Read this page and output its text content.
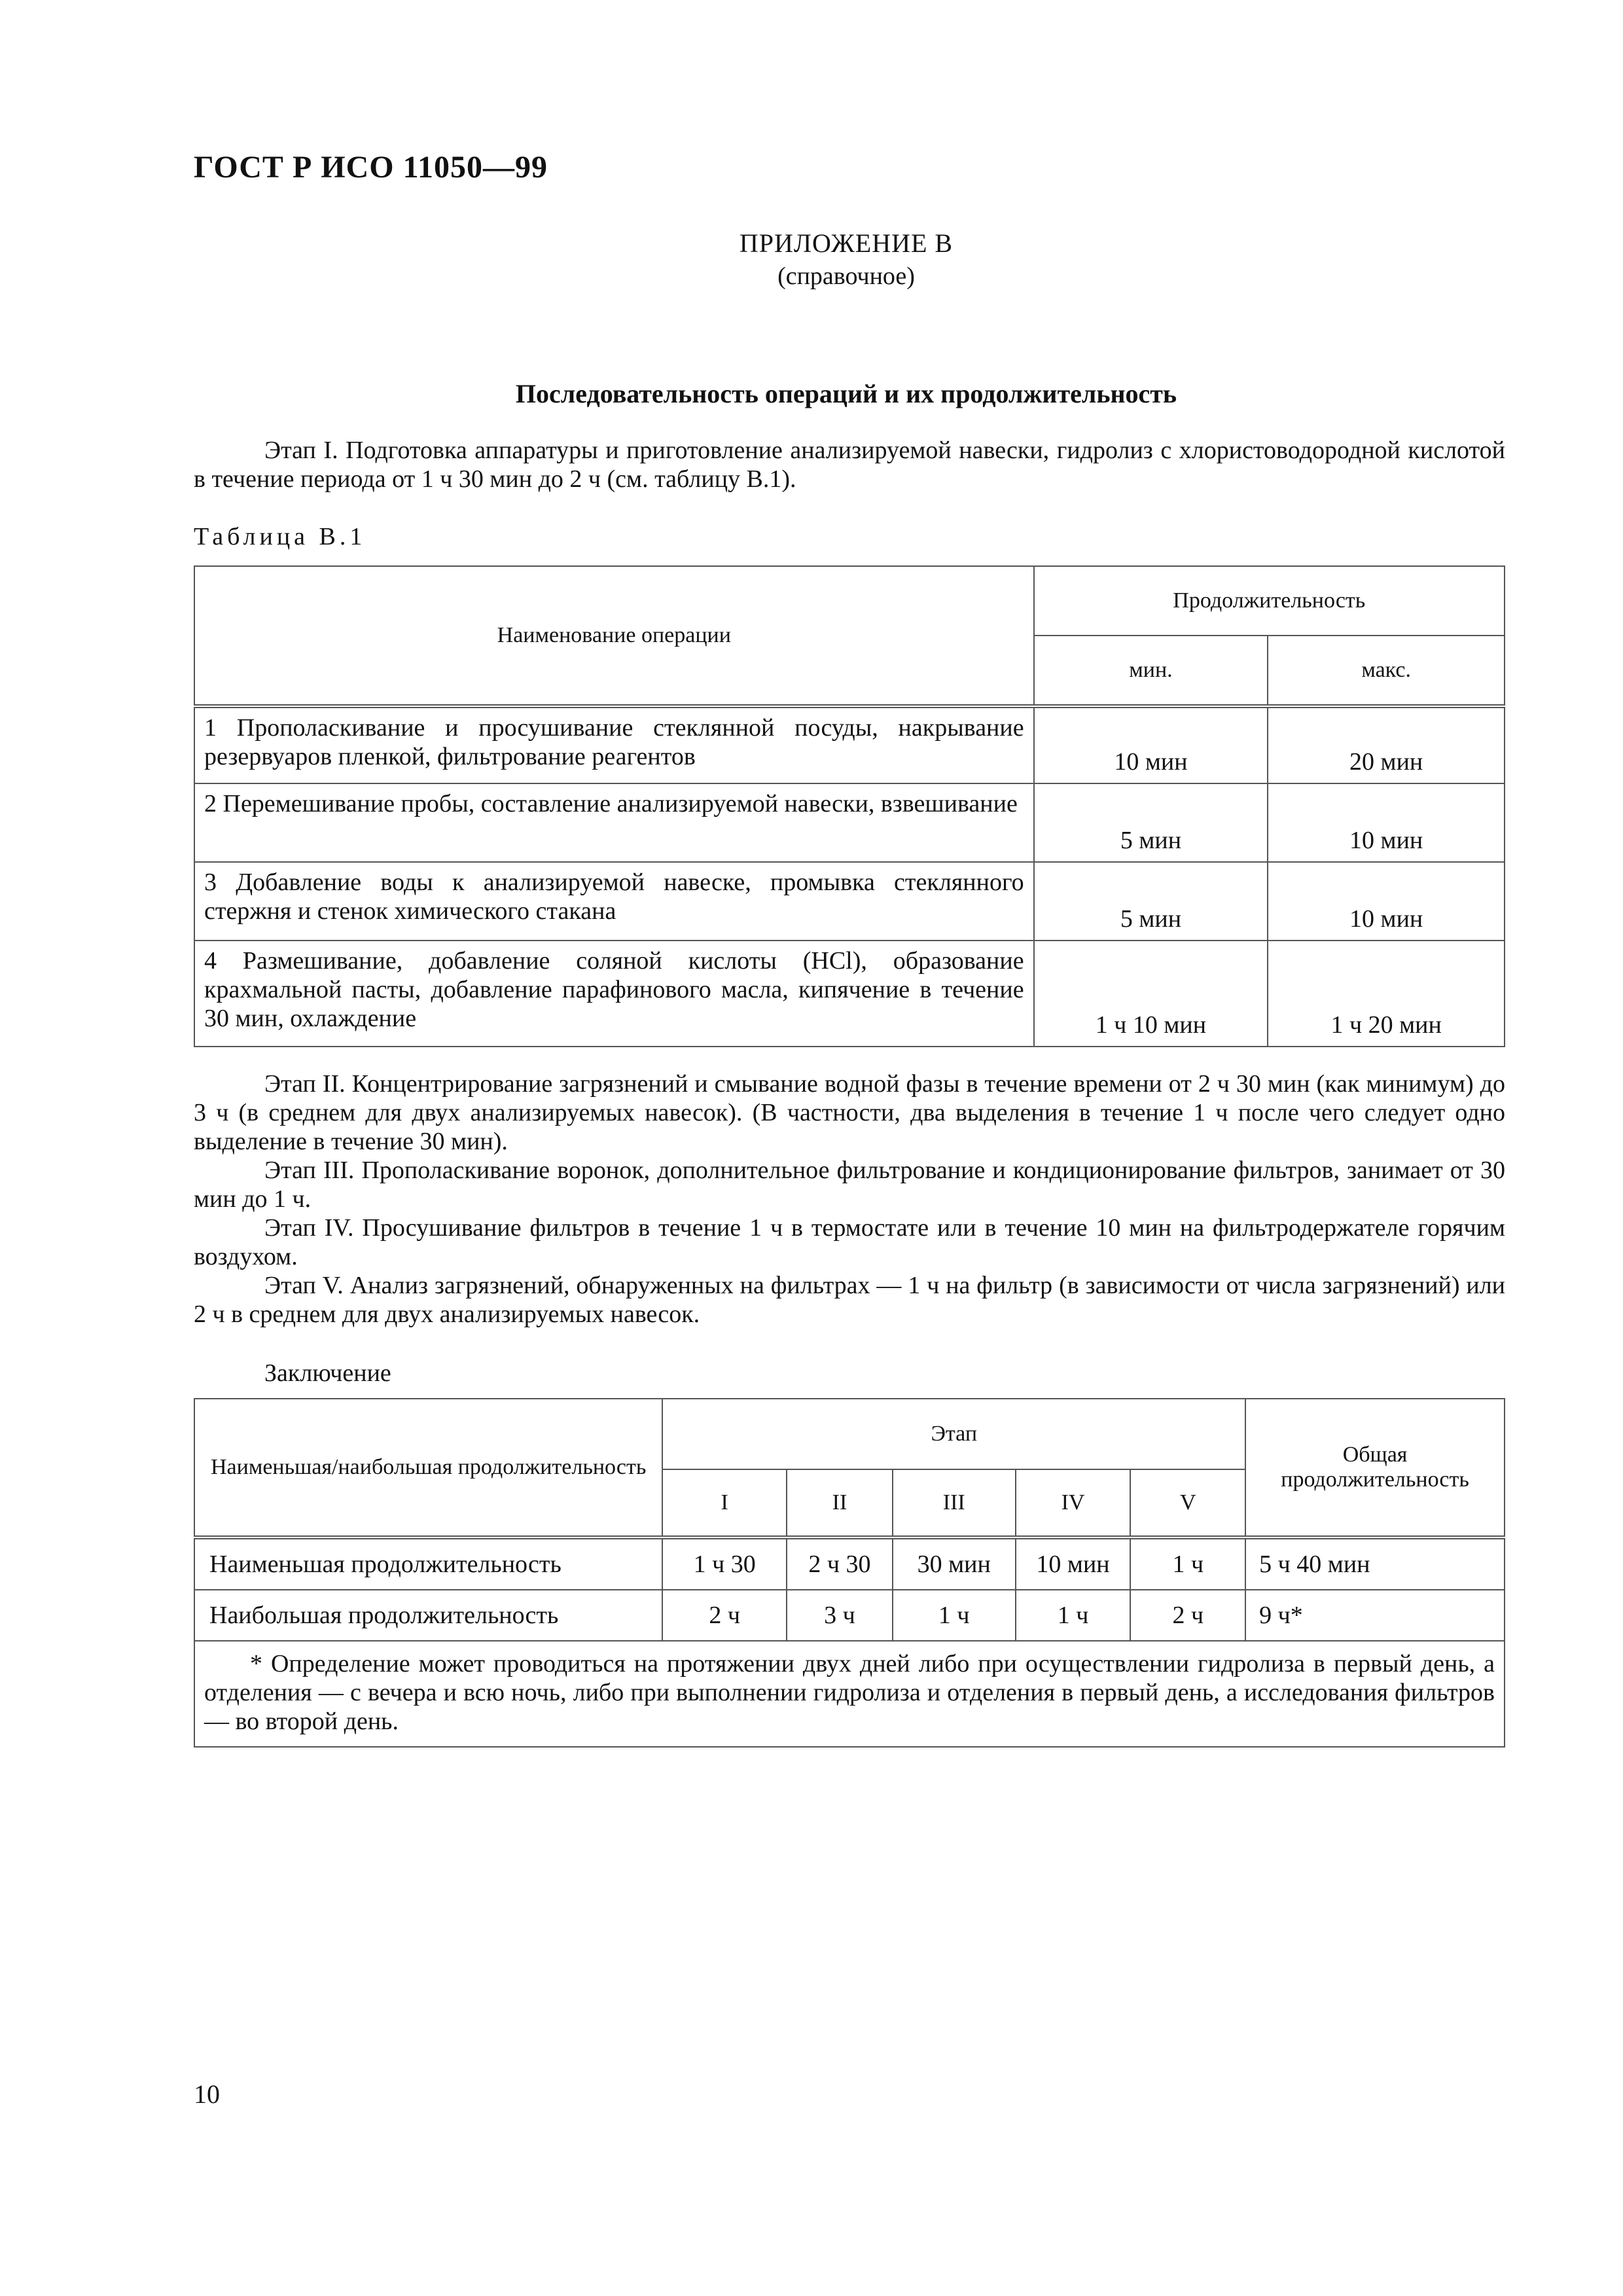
ГОСТ Р ИСО 11050—99
ПРИЛОЖЕНИЕ В
(справочное)
Последовательность операций и их продолжительность
Этап I. Подготовка аппаратуры и приготовление анализируемой навески, гидролиз с хлористоводородной кислотой в течение периода от 1 ч 30 мин до 2 ч (см. таблицу В.1).
Таблица В.1
Наименование операции	Продолжительность	
	мин.	макс.
1 Прополаскивание и просушивание стеклянной посуды, накрывание резервуаров пленкой, фильтрование реагентов	10 мин	20 мин
2 Перемешивание пробы, составление анализируемой навески, взвешивание	5 мин	10 мин
3 Добавление воды к анализируемой навеске, промывка стеклянного стержня и стенок химического стакана	5 мин	10 мин
4 Размешивание, добавление соляной кислоты (HCl), образование крахмальной пасты, добавление парафинового масла, кипячение в течение 30 мин, охлаждение	1 ч 10 мин	1 ч 20 мин
Этап II. Концентрирование загрязнений и смывание водной фазы в течение времени от 2 ч 30 мин (как минимум) до 3 ч (в среднем для двух анализируемых навесок). (В частности, два выделения в течение 1 ч после чего следует одно выделение в течение 30 мин).
Этап III. Прополаскивание воронок, дополнительное фильтрование и кондиционирование фильтров, занимает от 30 мин до 1 ч.
Этап IV. Просушивание фильтров в течение 1 ч в термостате или в течение 10 мин на фильтродержателе горячим воздухом.
Этап V. Анализ загрязнений, обнаруженных на фильтрах — 1 ч на фильтр (в зависимости от числа загрязнений) или 2 ч в среднем для двух анализируемых навесок.
Заключение
Наименьшая/наибольшая продолжительность	Этап					Общая продолжительность
	I	II	III	IV	V	
Наименьшая продолжительность	1 ч 30	2 ч 30	30 мин	10 мин	1 ч	5 ч 40 мин
Наибольшая продолжительность	2 ч	3 ч	1 ч	1 ч	2 ч	9 ч*
* Определение может проводиться на протяжении двух дней либо при осуществлении гидролиза в первый день, а отделения — с вечера и всю ночь, либо при выполнении гидролиза и отделения в первый день, а исследования фильтров — во второй день.						
10
